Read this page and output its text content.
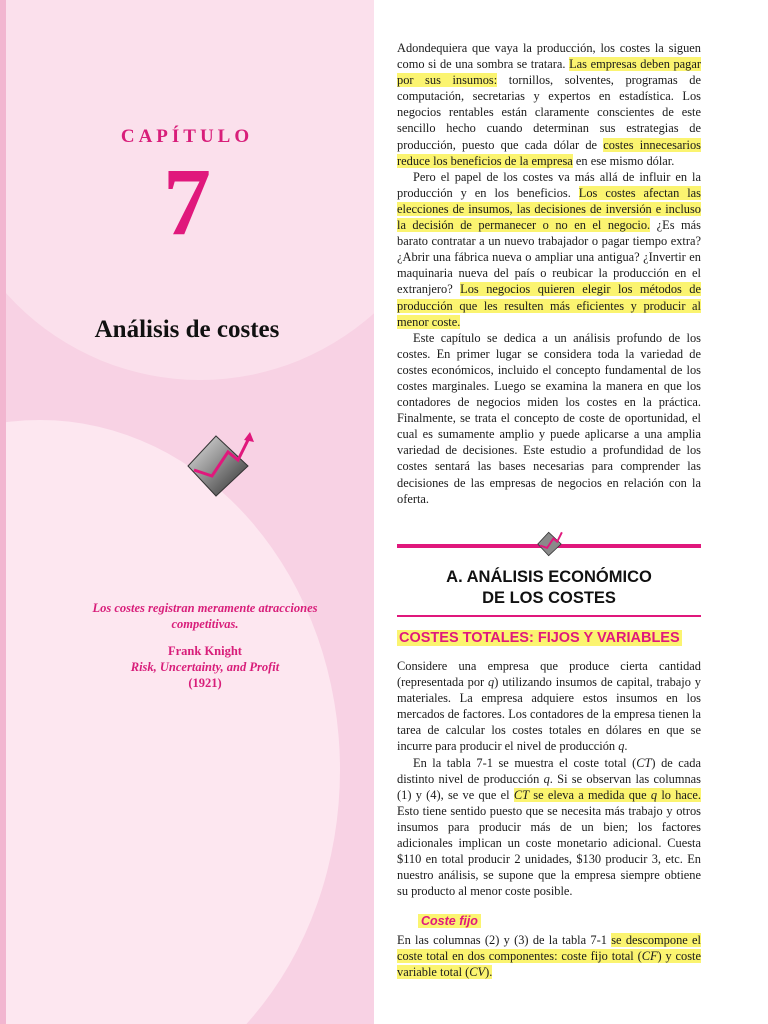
CAPÍTULO
7
Análisis de costes
Los costes registran meramente atracciones competitivas.
Frank Knight
Risk, Uncertainty, and Profit
(1921)

Adondequiera que vaya la producción, los costes la siguen como si de una sombra se tratara. Las empresas deben pagar por sus insumos: tornillos, solventes, programas de computación, secretarias y expertos en estadística. Los negocios rentables están claramente conscientes de este sencillo hecho cuando determinan sus estrategias de producción, puesto que cada dólar de costes innecesarios reduce los beneficios de la empresa en ese mismo dólar.

Pero el papel de los costes va más allá de influir en la producción y en los beneficios. Los costes afectan las elecciones de insumos, las decisiones de inversión e incluso la decisión de permanecer o no en el negocio. ¿Es más barato contratar a un nuevo trabajador o pagar tiempo extra? ¿Abrir una fábrica nueva o ampliar una antigua? ¿Invertir en maquinaria nueva del país o reubicar la producción en el extranjero? Los negocios quieren elegir los métodos de producción que les resulten más eficientes y producir al menor coste.

Este capítulo se dedica a un análisis profundo de los costes. En primer lugar se considera toda la variedad de costes económicos, incluido el concepto fundamental de los costes marginales. Luego se examina la manera en que los contadores de negocios miden los costes en la práctica. Finalmente, se trata el concepto de coste de oportunidad, el cual es sumamente amplio y puede aplicarse a una amplia variedad de decisiones. Este estudio a profundidad de los costes sentará las bases necesarias para comprender las decisiones de las empresas de negocios en relación con la oferta.

A. ANÁLISIS ECONÓMICO
DE LOS COSTES
COSTES TOTALES: FIJOS Y VARIABLES

Considere una empresa que produce cierta cantidad (representada por q) utilizando insumos de capital, trabajo y materiales. La empresa adquiere estos insumos en los mercados de factores. Los contadores de la empresa tienen la tarea de calcular los costes totales en dólares en que se incurre para producir el nivel de producción q.

En la tabla 7-1 se muestra el coste total (CT) de cada distinto nivel de producción q. Si se observan las columnas (1) y (4), se ve que el CT se eleva a medida que q lo hace. Esto tiene sentido puesto que se necesita más trabajo y otros insumos para producir más de un bien; los factores adicionales implican un coste monetario adicional. Cuesta $110 en total producir 2 unidades, $130 producir 3, etc. En nuestro análisis, se supone que la empresa siempre obtiene su producto al menor coste posible.

Coste fijo

En las columnas (2) y (3) de la tabla 7-1 se descompone el coste total en dos componentes: coste fijo total (CF) y coste variable total (CV).
